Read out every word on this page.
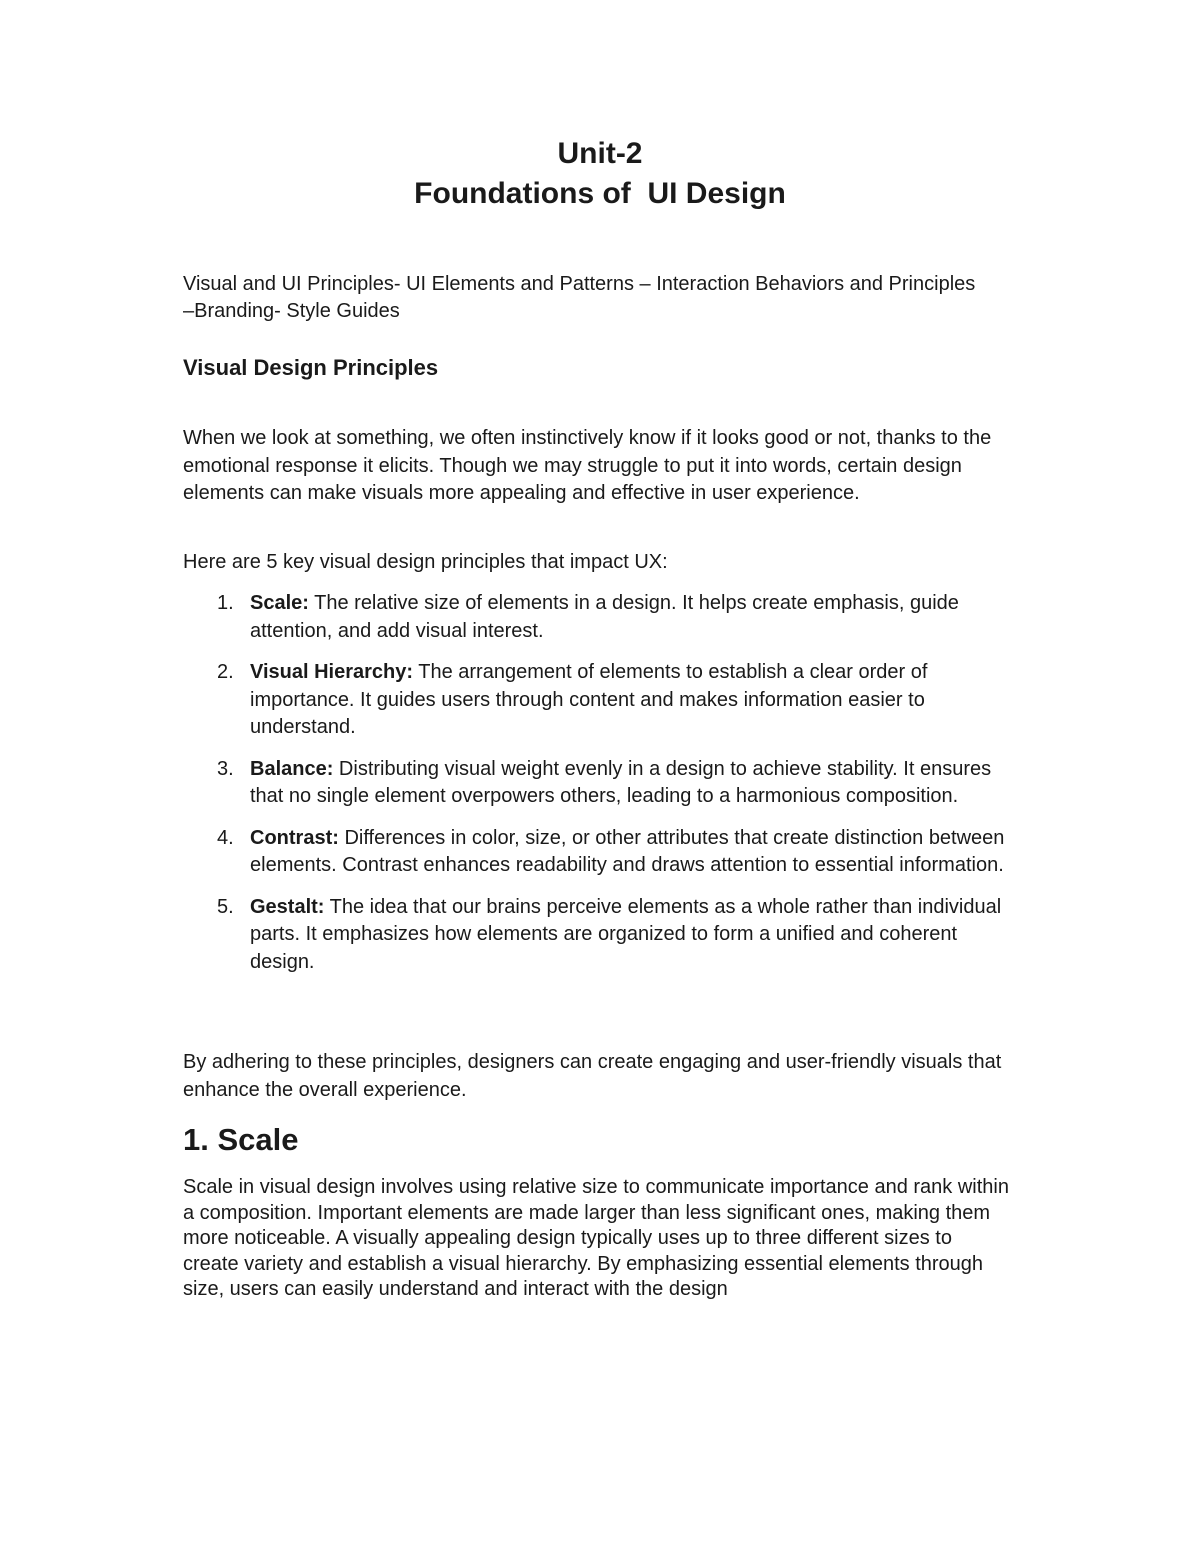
Unit-2
Foundations of  UI Design
Visual and UI Principles- UI Elements and Patterns – Interaction Behaviors and Principles –Branding- Style Guides
Visual Design Principles
When we look at something, we often instinctively know if it looks good or not, thanks to the emotional response it elicits. Though we may struggle to put it into words, certain design elements can make visuals more appealing and effective in user experience.
Here are 5 key visual design principles that impact UX:
1. Scale: The relative size of elements in a design. It helps create emphasis, guide attention, and add visual interest.
2. Visual Hierarchy: The arrangement of elements to establish a clear order of importance. It guides users through content and makes information easier to understand.
3. Balance: Distributing visual weight evenly in a design to achieve stability. It ensures that no single element overpowers others, leading to a harmonious composition.
4. Contrast: Differences in color, size, or other attributes that create distinction between elements. Contrast enhances readability and draws attention to essential information.
5. Gestalt: The idea that our brains perceive elements as a whole rather than individual parts. It emphasizes how elements are organized to form a unified and coherent design.
By adhering to these principles, designers can create engaging and user-friendly visuals that enhance the overall experience.
1. Scale
Scale in visual design involves using relative size to communicate importance and rank within a composition. Important elements are made larger than less significant ones, making them more noticeable. A visually appealing design typically uses up to three different sizes to create variety and establish a visual hierarchy. By emphasizing essential elements through size, users can easily understand and interact with the design
